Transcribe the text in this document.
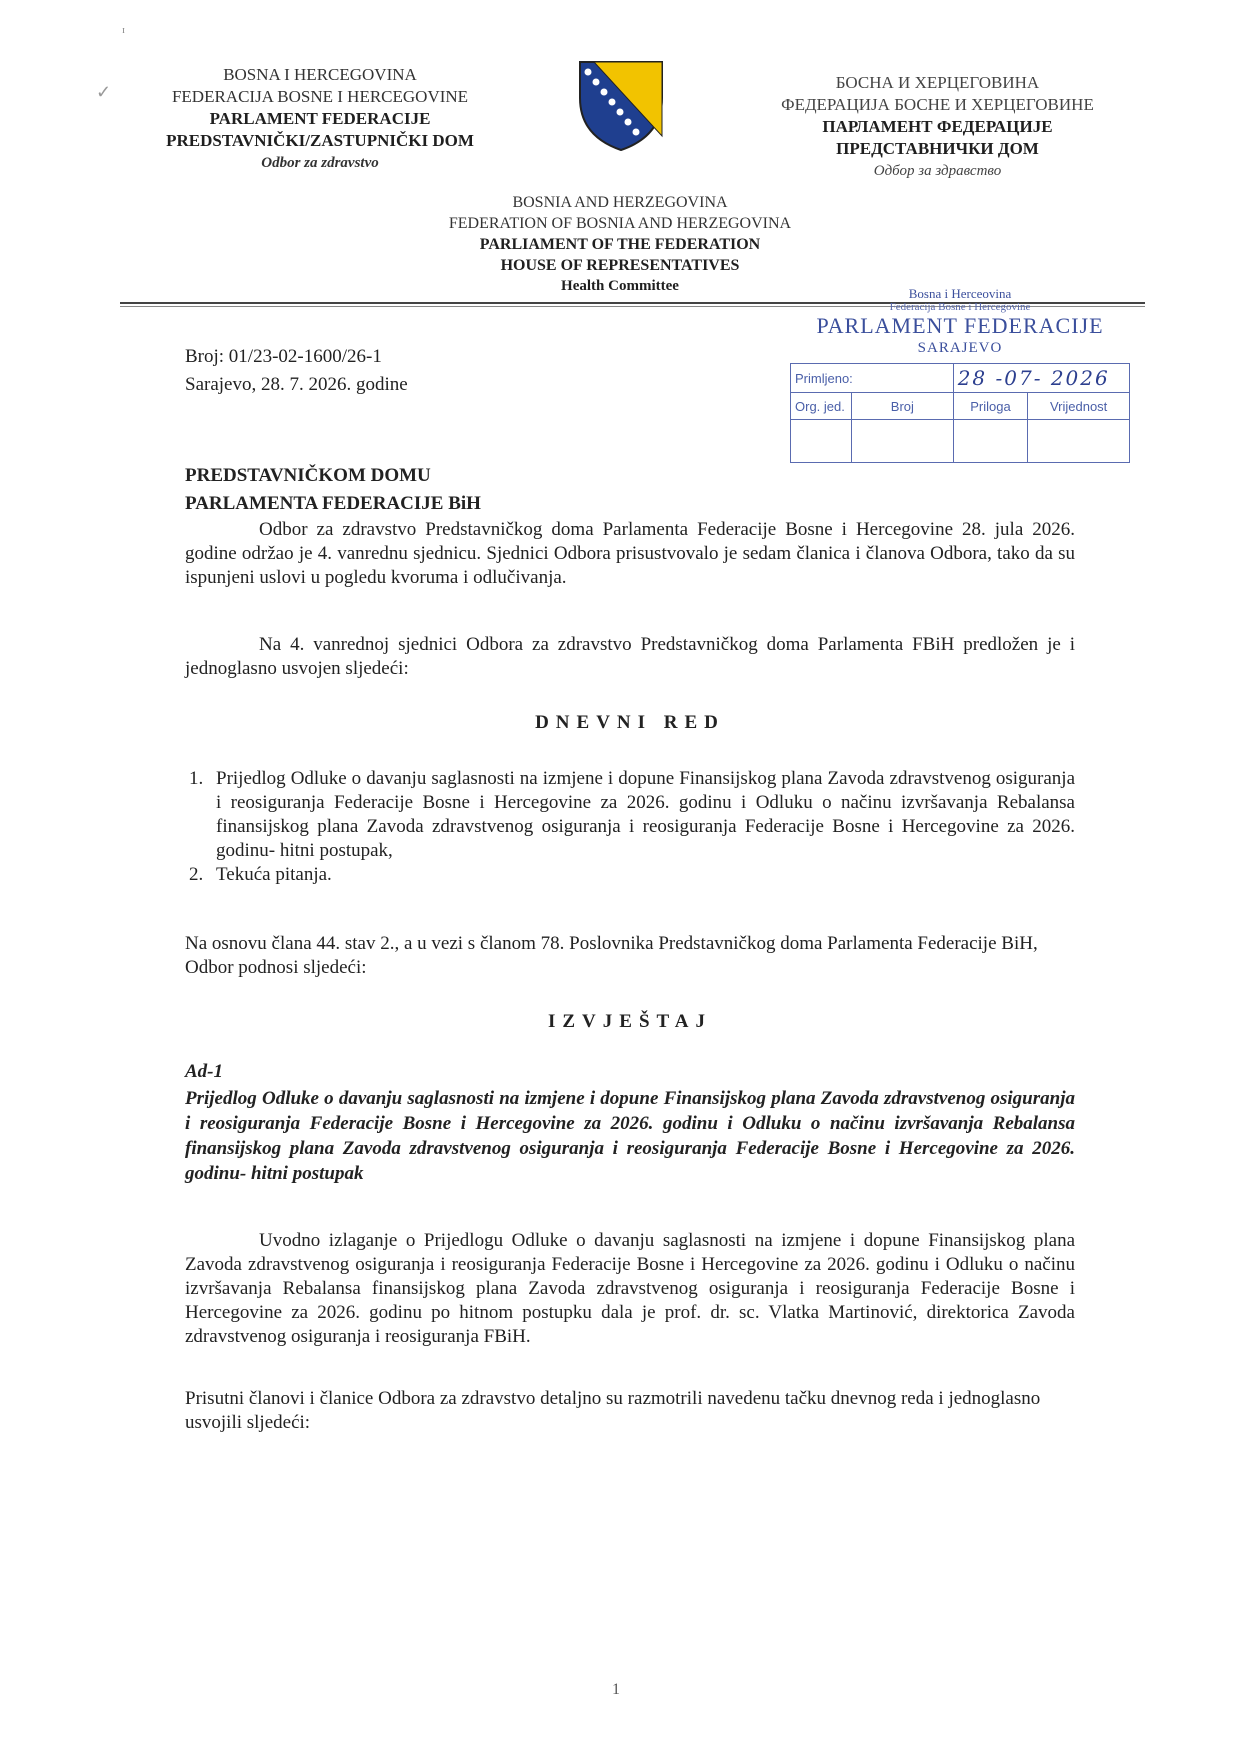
ᶦ
✓
BOSNA I HERCEGOVINA
FEDERACIJA BOSNE I HERCEGOVINE
PARLAMENT FEDERACIJE
PREDSTAVNIČKI/ZASTUPNIČKI DOM
Odbor za zdravstvo
БОСНА И ХЕРЦЕГОВИНА
ФЕДЕРАЦИЈА БОСНЕ И ХЕРЦЕГОВИНЕ
ПАРЛАМЕНТ ФЕДЕРАЦИЈЕ
ПРЕДСТАВНИЧКИ ДОМ
Одбор за здравство
BOSNIA AND HERZEGOVINA
FEDERATION OF BOSNIA AND HERZEGOVINA
PARLIAMENT OF THE FEDERATION
HOUSE OF REPRESENTATIVES
Health Committee	Bosna i Herceovina
Federacija Bosne i Hercegovine
PARLAMENT FEDERACIJE
SARAJEVO
Primljeno:		28 -07- 2026	
Org. jed.	Broj	Priloga	Vrijednost

Broj: 01/23-02-1600/26-1
Sarajevo, 28. 7. 2026. godine
PREDSTAVNIČKOM DOMU
PARLAMENTA FEDERACIJE BiH
Odbor za zdravstvo Predstavničkog doma Parlamenta Federacije Bosne i Hercegovine 28. jula 2026. godine održao je 4. vanrednu sjednicu. Sjednici Odbora prisustvovalo je sedam članica i članova Odbora, tako da su ispunjeni uslovi u pogledu kvoruma i odlučivanja.
Na 4. vanrednoj sjednici Odbora za zdravstvo Predstavničkog doma Parlamenta FBiH predložen je i jednoglasno usvojen sljedeći:
DNEVNI RED
1. Prijedlog Odluke o davanju saglasnosti na izmjene i dopune Finansijskog plana Zavoda zdravstvenog osiguranja i reosiguranja Federacije Bosne i Hercegovine za 2026. godinu i Odluku o načinu izvršavanja Rebalansa finansijskog plana Zavoda zdravstvenog osiguranja i reosiguranja Federacije Bosne i Hercegovine za 2026. godinu- hitni postupak,
2. Tekuća pitanja.
Na osnovu člana 44. stav 2., a u vezi s članom 78. Poslovnika Predstavničkog doma Parlamenta Federacije BiH, Odbor podnosi sljedeći:
IZVJEŠTAJ
Ad-1
Prijedlog Odluke o davanju saglasnosti na izmjene i dopune Finansijskog plana Zavoda zdravstvenog osiguranja i reosiguranja Federacije Bosne i Hercegovine za 2026. godinu i Odluku o načinu izvršavanja Rebalansa finansijskog plana Zavoda zdravstvenog osiguranja i reosiguranja Federacije Bosne i Hercegovine za 2026. godinu- hitni postupak
Uvodno izlaganje o Prijedlogu Odluke o davanju saglasnosti na izmjene i dopune Finansijskog plana Zavoda zdravstvenog osiguranja i reosiguranja Federacije Bosne i Hercegovine za 2026. godinu i Odluku o načinu izvršavanja Rebalansa finansijskog plana Zavoda zdravstvenog osiguranja i reosiguranja Federacije Bosne i Hercegovine za 2026. godinu po hitnom postupku dala je prof. dr. sc. Vlatka Martinović, direktorica Zavoda zdravstvenog osiguranja i reosiguranja FBiH.
Prisutni članovi i članice Odbora za zdravstvo detaljno su razmotrili navedenu tačku dnevnog reda i jednoglasno usvojili sljedeći:
1
